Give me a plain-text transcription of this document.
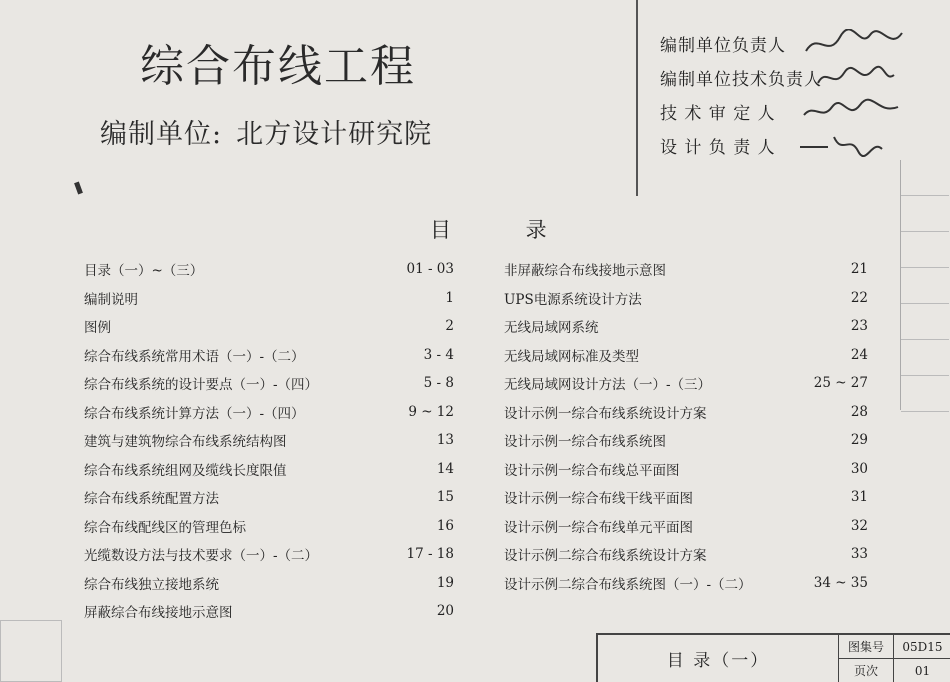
综合布线工程
编制单位: 北方设计研究院
编制单位负责人
编制单位技术负责人
技 术 审 定 人
设 计 负 责 人
目 录
目录（一）~（三）	01 - 03
编制说明	1
图例	2
综合布线系统常用术语（一）-（二）	3 - 4
综合布线系统的设计要点（一）-（四）	5 - 8
综合布线系统计算方法（一）-（四）	9 ~ 12
建筑与建筑物综合布线系统结构图	13
综合布线系统组网及缆线长度限值	14
综合布线系统配置方法	15
综合布线配线区的管理色标	16
光缆数设方法与技术要求（一）-（二）	17 - 18
综合布线独立接地系统	19
屏蔽综合布线接地示意图	20
非屏蔽综合布线接地示意图	21
UPS电源系统设计方法	22
无线局域网系统	23
无线局域网标准及类型	24
无线局域网设计方法（一）-（三）	25 ~ 27
设计示例一综合布线系统设计方案	28
设计示例一综合布线系统图	29
设计示例一综合布线总平面图	30
设计示例一综合布线干线平面图	31
设计示例一综合布线单元平面图	32
设计示例二综合布线系统设计方案	33
设计示例二综合布线系统图（一）-（二）	34 ~ 35
目 录（一）
图集号	05D15
页次	01
